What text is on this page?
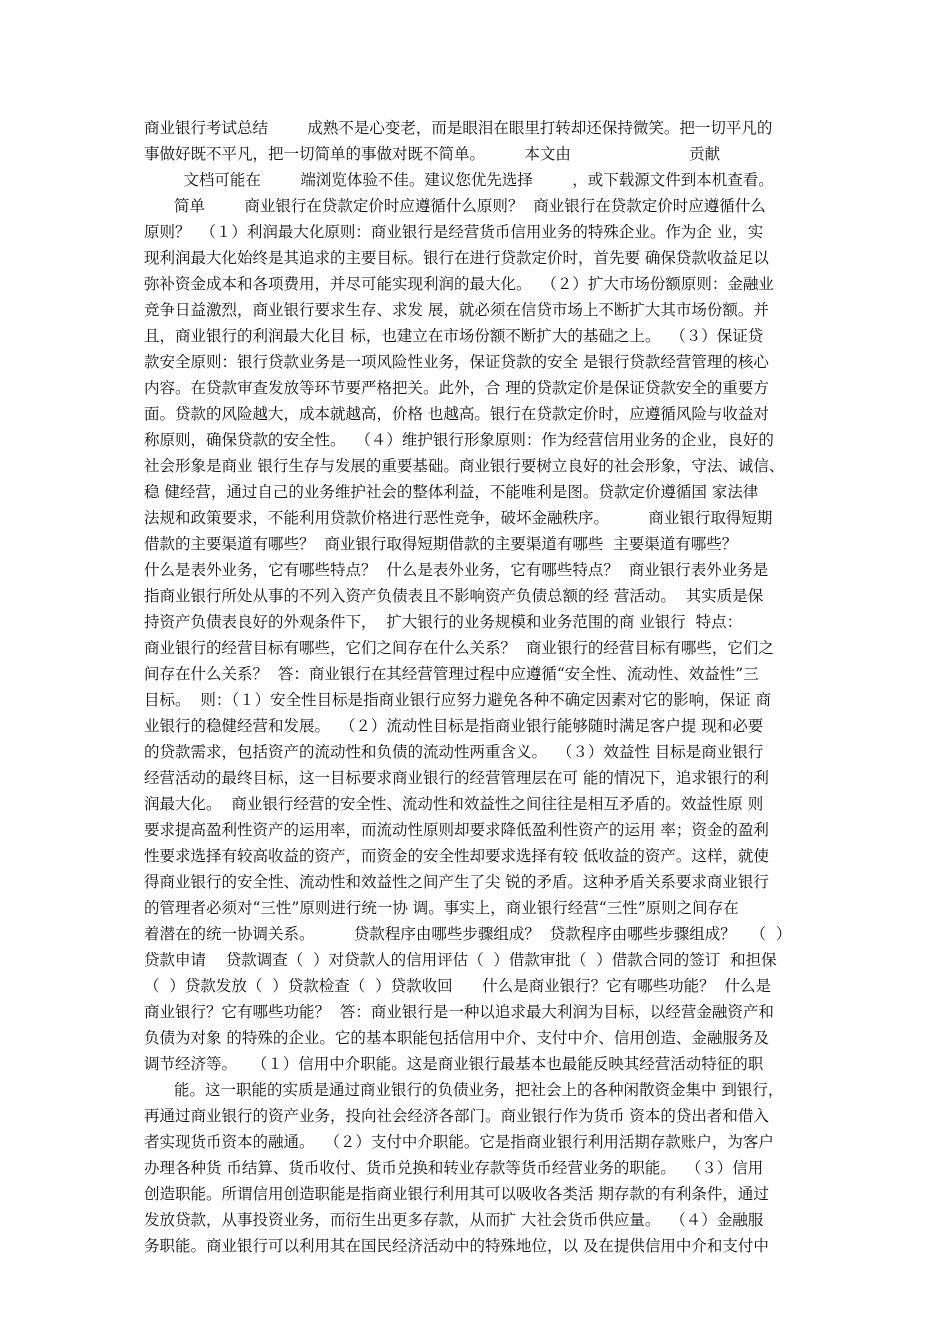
商业银行考试总结        成熟不是心变老，而是眼泪在眼里打转却还保持微笑。把一切平凡的
事做好既不平凡，把一切简单的事做对既不简单。        本文由                        贡献
文档可能在        端浏览体验不佳。建议您优先选择        ，或下载源文件到本机查看。
简单        商业银行在贷款定价时应遵循什么原则？  商业银行在贷款定价时应遵循什么
原则？  （１）利润最大化原则：商业银行是经营货币信用业务的特殊企业。作为企 业，实
现利润最大化始终是其追求的主要目标。银行在进行贷款定价时，首先要 确保贷款收益足以
弥补资金成本和各项费用，并尽可能实现利润的最大化。  （２）扩大市场份额原则：金融业
竞争日益激烈，商业银行要求生存、求发 展，就必须在信贷市场上不断扩大其市场份额。并
且，商业银行的利润最大化目 标，也建立在市场份额不断扩大的基础之上。  （３）保证贷
款安全原则：银行贷款业务是一项风险性业务，保证贷款的安全 是银行贷款经营管理的核心
内容。在贷款审查发放等环节要严格把关。此外，合 理的贷款定价是保证贷款安全的重要方
面。贷款的风险越大，成本就越高，价格 也越高。银行在贷款定价时，应遵循风险与收益对
称原则，确保贷款的安全性。  （４）维护银行形象原则：作为经营信用业务的企业，良好的
社会形象是商业 银行生存与发展的重要基础。商业银行要树立良好的社会形象，守法、诚信、
稳 健经营，通过自己的业务维护社会的整体利益，不能唯利是图。贷款定价遵循国 家法律
法规和政策要求，不能利用贷款价格进行恶性竞争，破坏金融秩序。        商业银行取得短期
借款的主要渠道有哪些？  商业银行取得短期借款的主要渠道有哪些  主要渠道有哪些？
什么是表外业务，它有哪些特点？  什么是表外业务，它有哪些特点？  商业银行表外业务是
指商业银行所处从事的不列入资产负债表且不影响资产负债总额的经 营活动。  其实质是保
持资产负债表良好的外观条件下，  扩大银行的业务规模和业务范围的商 业银行  特点：
商业银行的经营目标有哪些，它们之间存在什么关系？  商业银行的经营目标有哪些，它们之
间存在什么关系？  答：商业银行在其经营管理过程中应遵循“安全性、流动性、效益性”三
目标。  则：（１）安全性目标是指商业银行应努力避免各种不确定因素对它的影响，保证 商
业银行的稳健经营和发展。  （２）流动性目标是指商业银行能够随时满足客户提 现和必要
的贷款需求，包括资产的流动性和负债的流动性两重含义。  （３）效益性 目标是商业银行
经营活动的最终目标，这一目标要求商业银行的经营管理层在可 能的情况下，追求银行的利
润最大化。  商业银行经营的安全性、流动性和效益性之间往往是相互矛盾的。效益性原 则
要求提高盈利性资产的运用率，而流动性原则却要求降低盈利性资产的运用 率；资金的盈利
性要求选择有较高收益的资产，而资金的安全性却要求选择有较 低收益的资产。这样，就使
得商业银行的安全性、流动性和效益性之间产生了尖 锐的矛盾。这种矛盾关系要求商业银行
的管理者必须对“三性”原则进行统一协 调。事实上，商业银行经营“三性”原则之间存在
着潜在的统一协调关系。        贷款程序由哪些步骤组成？  贷款程序由哪些步骤组成？   （  ）
贷款申请    贷款调查（  ）对贷款人的信用评估（  ）借款审批（  ）借款合同的签订  和担保
（  ）贷款发放（  ）贷款检查（  ）贷款收回      什么是商业银行？它有哪些功能？  什么是
商业银行？它有哪些功能？  答：商业银行是一种以追求最大利润为目标，以经营金融资产和
负债为对象 的特殊的企业。它的基本职能包括信用中介、支付中介、信用创造、金融服务及
调节经济等。   （１）信用中介职能。这是商业银行最基本也最能反映其经营活动特征的职
能。这一职能的实质是通过商业银行的负债业务，把社会上的各种闲散资金集中 到银行，
再通过商业银行的资产业务，投向社会经济各部门。商业银行作为货币 资本的贷出者和借入
者实现货币资本的融通。  （２）支付中介职能。它是指商业银行利用活期存款账户，为客户
办理各种货 币结算、货币收付、货币兑换和转业存款等货币经营业务的职能。  （３）信用
创造职能。所谓信用创造职能是指商业银行利用其可以吸收各类活 期存款的有利条件，通过
发放贷款，从事投资业务，而衍生出更多存款，从而扩 大社会货币供应量。  （４）金融服
务职能。商业银行可以利用其在国民经济活动中的特殊地位，以 及在提供信用中介和支付中
